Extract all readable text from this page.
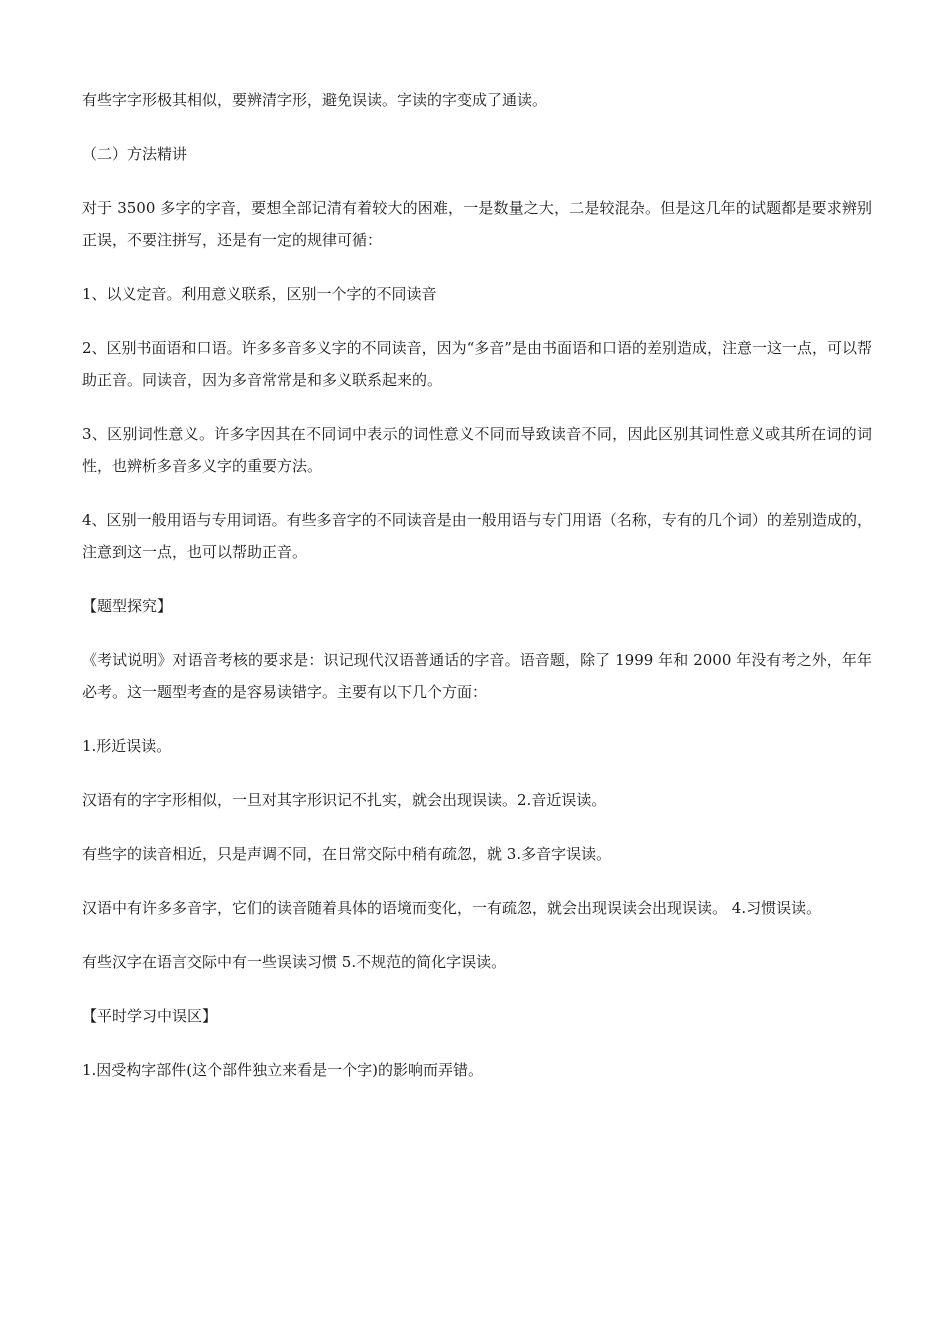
有些字字形极其相似，要辨清字形，避免误读。字读的字变成了通读。

（二）方法精讲

对于 3500 多字的字音，要想全部记清有着较大的困难，一是数量之大，二是较混杂。但是这几年的试题都是要求辨别正误，不要注拼写，还是有一定的规律可循：

1、以义定音。利用意义联系，区别一个字的不同读音

2、区别书面语和口语。许多多音多义字的不同读音，因为“多音”是由书面语和口语的差别造成，注意一这一点，可以帮助正音。同读音，因为多音常常是和多义联系起来的。

3、区别词性意义。许多字因其在不同词中表示的词性意义不同而导致读音不同，因此区别其词性意义或其所在词的词性，也辨析多音多义字的重要方法。

4、区别一般用语与专用词语。有些多音字的不同读音是由一般用语与专门用语（名称，专有的几个词）的差别造成的，注意到这一点，也可以帮助正音。

【题型探究】

《考试说明》对语音考核的要求是：识记现代汉语普通话的字音。语音题，除了 1999 年和 2000 年没有考之外，年年必考。这一题型考查的是容易读错字。主要有以下几个方面：

1.形近误读。

汉语有的字字形相似，一旦对其字形识记不扎实，就会出现误读。2.音近误读。

有些字的读音相近，只是声调不同，在日常交际中稍有疏忽，就 3.多音字误读。

汉语中有许多多音字，它们的读音随着具体的语境而变化，一有疏忽，就会出现误读会出现误读。 4.习惯误读。

有些汉字在语言交际中有一些误读习惯 5.不规范的简化字误读。

【平时学习中误区】

1.因受构字部件(这个部件独立来看是一个字)的影响而弄错。
